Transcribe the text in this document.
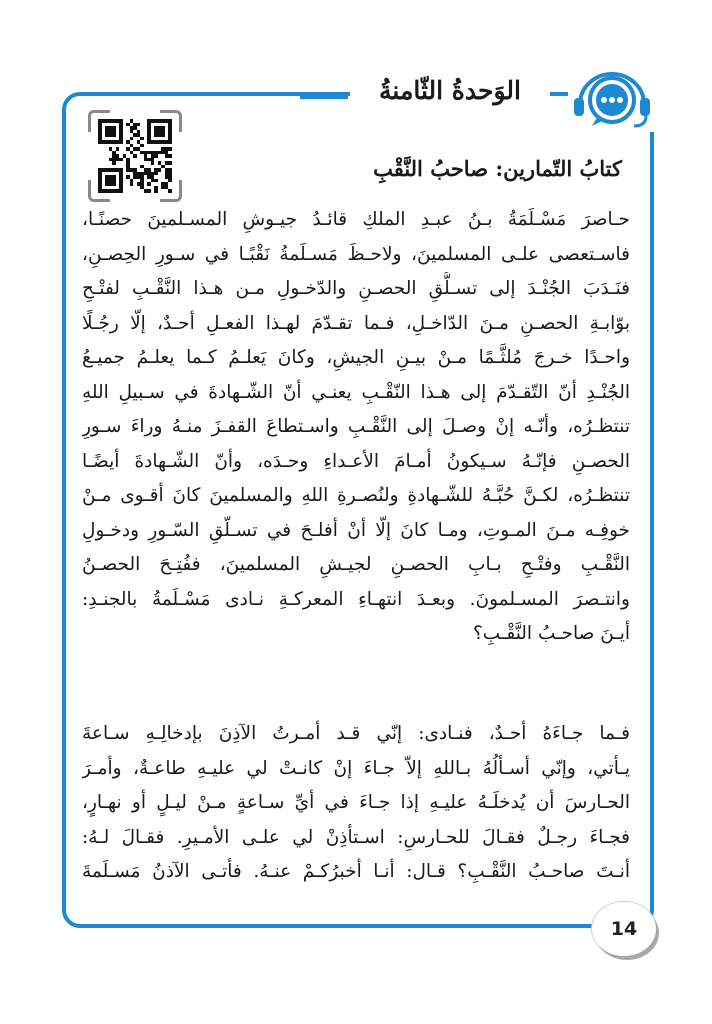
الوَحدةُ الثّامنةُ
كتابُ التّمارين: صاحبُ النَّقْبِ
حـاصرَ مَسْـلَمَةُ بـنُ عبـدِ الملكِ قائـدُ جيـوشِ المسـلمينَ حصنًـا،
فاسـتعصى علـى المسلمينَ، ولاحـظَ مَسـلَمةُ نَقْبًـا في سـورِ الحِصـنِ،
فنَـدَبَ الجُنْـدَ إلى تسـلُّقِ الحصـنِ والدّخـولِ مـن هـذا النَّقْـبِ لفتْـحِ
بوّابـةِ الحصـنِ مـنَ الدّاخـلِ، فـما تقـدّمَ لهـذا الفعـلِ أحـدٌ، إلّا رجُـلًا
واحـدًا خـرجَ مُلثَّـمًا مـنْ بيـنِ الجيشِ، وكانَ يَعلـمُ كـما يعلـمُ جميـعُ
الجُنْـدِ أنّ التّقـدّمَ إلى هـذا النّقْـبِ يعنـي أنّ الشّـهادةَ في سـبيلِ اللهِ
تنتظـرُه، وأنّـه إنْ وصـلَ إلى النَّقْـبِ واسـتطاعَ القفـزَ منـهُ وراءَ سـورِ
الحصـنِ فإنّـهُ سـيكونُ أمـامَ الأعـداءِ وحـدَه، وأنّ الشّـهادةَ أيضًـا
تنتظـرُه، لكـنَّ حُبَّـهُ للشّـهادةِ ولنُصـرةِ اللهِ والمسلمينَ كانَ أقـوى مـنْ
خوفِـه مـنَ المـوتِ، ومـا كانَ إلّا أنْ أفلـحَ في تسـلّقِ السّـورِ ودخـولِ
النَّقْـبِ وفتْـحِ بـابِ الحصـنِ لجيـشِ المسلمينَ، ففُتِـحَ الحصـنُ
وانتـصرَ المسـلمونَ. وبعـدَ انتهـاءِ المعركـةِ نـادى مَسْـلَمةُ بالجنـدِ:
أيـنَ صاحـبُ النَّقْـبِ؟
فـما جـاءَهُ أحـدٌ، فنـادى: إنّي قـد أمـرتُ الآذِنَ بإدخالِـهِ سـاعةَ
يـأتي، وإنّي أسـألُهُ بـاللهِ إلاّ جـاءَ إنْ كانـتْ لي عليـهِ طاعـةٌ، وأمـرَ
الحـارسَ أن يُدخلَـهُ عليـهِ إذا جـاءَ في أيِّ سـاعةٍ مـنْ ليـلٍ أو نهـارٍ،
فجـاءَ رجـلٌ فقـالَ للحـارسِ: اسـتأذِنْ لي علـى الأمـيرِ. فقـالَ لـهُ:
أنـتَ صاحـبُ النَّقْـبِ؟ قـال: أنـا أخبرُكـمْ عنـهُ. فأتـى الآذنُ مَسـلَمةَ
14
